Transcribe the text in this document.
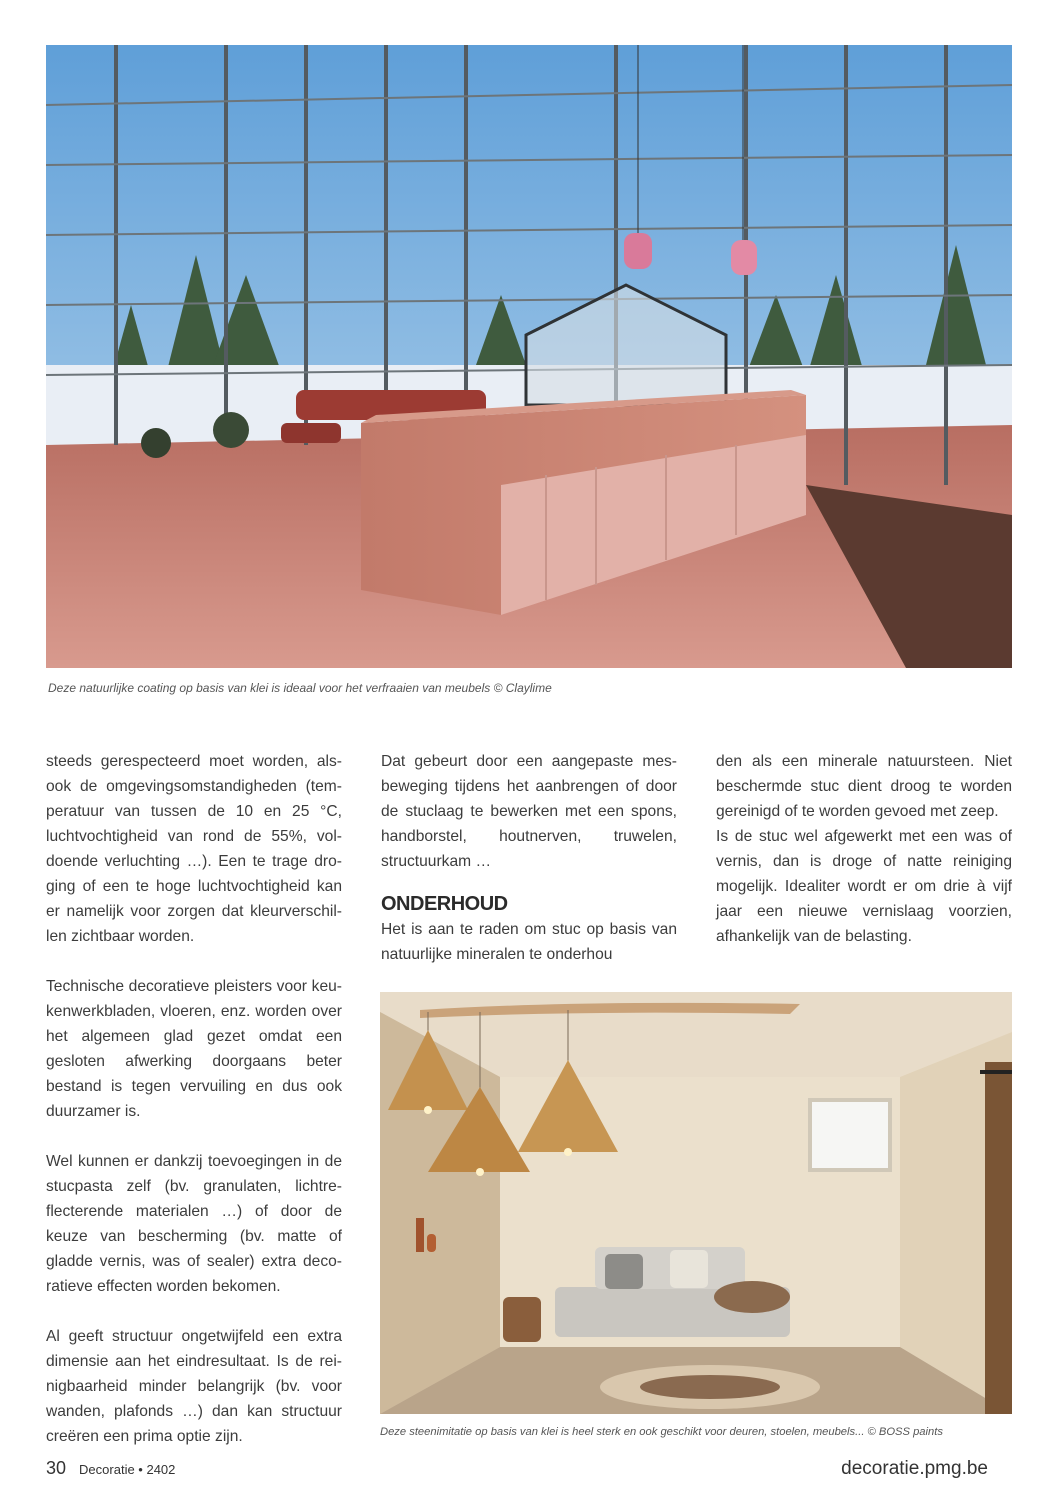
Deze natuurlijke coating op basis van klei is ideaal voor het verfraaien van meubels © Claylime

steeds gerespecteerd moet worden, alsook de omgevingsomstandigheden (temperatuur van tussen de 10 en 25 °C, luchtvochtigheid van rond de 55%, voldoende verluchting …). Een te trage droging of een te hoge luchtvochtigheid kan er namelijk voor zorgen dat kleurverschillen zichtbaar worden.

Technische decoratieve pleisters voor keukenwerkbladen, vloeren, enz. worden over het algemeen glad gezet omdat een gesloten afwerking doorgaans beter bestand is tegen vervuiling en dus ook duurzamer is.

Wel kunnen er dankzij toevoegingen in de stucpasta zelf (bv. granulaten, lichtreflecterende materialen …) of door de keuze van bescherming (bv. matte of gladde vernis, was of sealer) extra decoratieve effecten worden bekomen.

Al geeft structuur ongetwijfeld een extra dimensie aan het eindresultaat. Is de reinigbaarheid minder belangrijk (bv. voor wanden, plafonds …) dan kan structuur creëren een prima optie zijn.

Dat gebeurt door een aangepaste mesbeweging tijdens het aanbrengen of door de stuclaag te bewerken met een spons, handborstel, houtnerven, truwelen, structuurkam …

ONDERHOUD

Het is aan te raden om stuc op basis van natuurlijke mineralen te onderhou

den als een minerale natuursteen. Niet beschermde stuc dient droog te worden gereinigd of te worden gevoed met zeep.

Is de stuc wel afgewerkt met een was of vernis, dan is droge of natte reiniging mogelijk. Idealiter wordt er om drie à vijf jaar een nieuwe vernislaag voorzien, afhankelijk van de belasting.

Deze steenimitatie op basis van klei is heel sterk en ook geschikt voor deuren, stoelen, meubels... © BOSS paints
30 Decoratie • 2402	decoratie.pmg.be
